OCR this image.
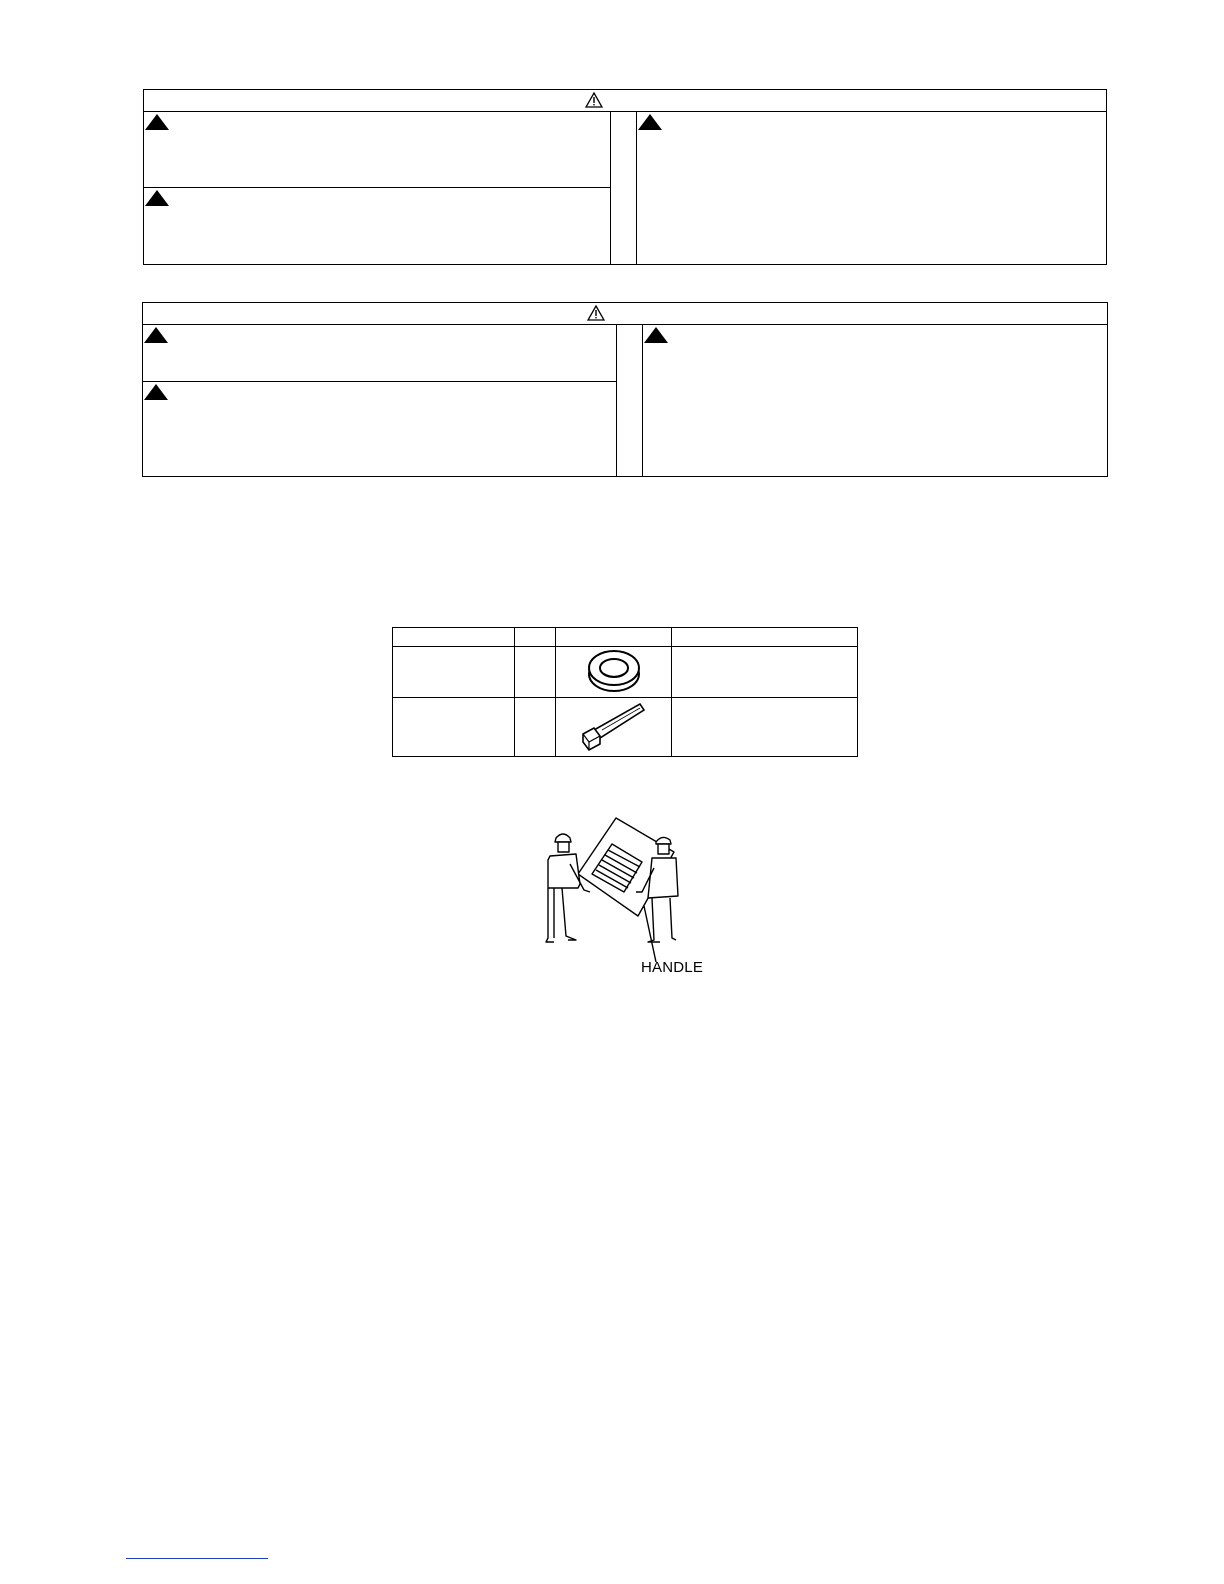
HANDLE
